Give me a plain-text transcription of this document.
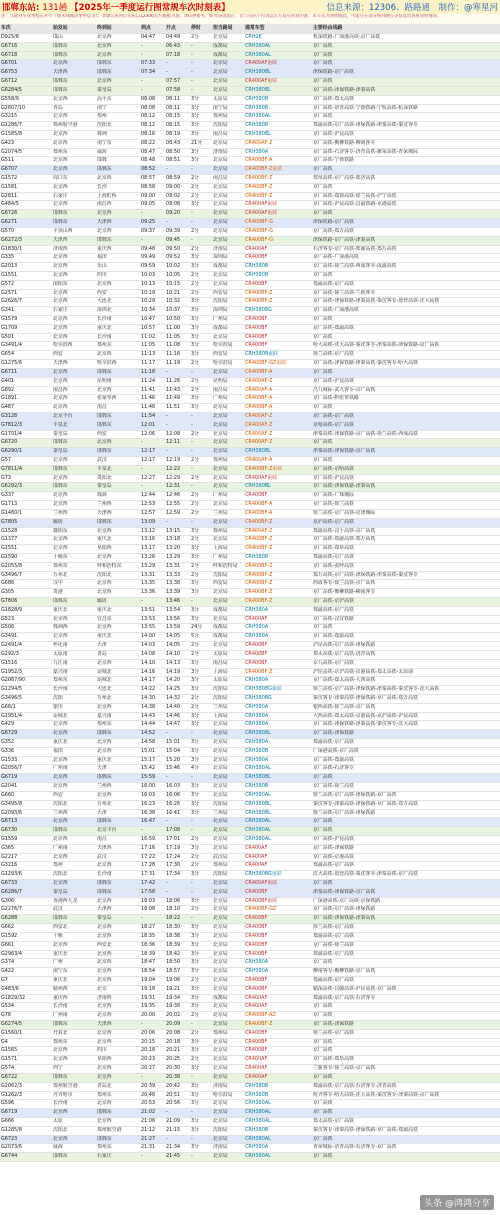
邯郸东站: 131趟 【2025年一季度运行图常规车次时刻表】	信息来源：12306、路路通　制作：@寒星河
注：立即分车次单程日开行（周末线或淡季停运等）；②建议查询后实际以12306官方数据为准；③仅供参考，如有误请指正，若与实际不符请以官方发布时刻为准；本车次为途经线次，可能存在部分终到晚点等信息请查看说明情况。
车次	始发站	终到站	到点	开点	停时	担当路局	通常车型	主要经由线路
D925/8	邯山	北京西	04:47	04:49	2分	北京局	CRH2E	机深铁路-广深港高铁-京广高铁
G6716	邯郸东	北京西	-	06:43	-	成都局	CRH380AL	京广高铁
G6718	邯郸东	北京西	-	07:18	-	成都局	CRH380AL	京广高铁
G6701	北京西	邯郸东	07:33	-	-	北京局	CR400AF重联	京广高铁
G6753	天津西	邯郸东	07:34	-	-	北京局	CRH380BL	津保铁路-京广高铁
G6712	邯郸东	北京西	-	07:57	-	北京局	CR400AF重联	京广高铁
G6284/5	邯郸东	秦皇岛	-	07:58	-	北京局	CRH380BL	京广高铁-津保铁路-津秦高铁
G558/9	北京西	高平东	08:08	08:11	3分	太原局	CRH380B	京广高铁-郑太高铁
G2807/10	青岛	南宁	08:08	08:11	3分	南宁局	CRH380B	京广高铁-济青高铁-宁蓉铁路-宁杭高铁-杭深铁路
G3215	北京西	郑州	08:12	08:15	3分	郑州局	CRH380AL	京广高铁
G1286/7	郑州航空港	沈阳北	08:12	08:15	3分	沈阳局	CRH380B	郑渝高铁-京广高铁-津保铁路-津秦高铁-秦沈客专
G1585/8	北京西	株洲	08:16	08:19	3分	南昌局	CRH380BL	京广高铁-沪昆高铁
G423	北京西	南宁东	08:22	08:43	21分	北京局	CR400AF-Z	京广高铁-衡柳铁路-柳南客专
G2074/5	郑州东	威海	08:47	08:50	3分	济南局	CRH380A	京广高铁-石济客专-济青高铁-潍荣高铁-青荣城际
G511	北京西	邯郸	08:48	08:51	3分	北京局	CR400BF-A	京广高铁-宁蓉铁路
G6707	北京西	邯郸东	08:52	-	-	北京局	CR400BF-Z重联	京广高铁
G1572	周口东	北京西	08:57	08:59	2分	南昌局	CR400BF-Z	郑阜高铁-京广高铁-郑济高铁
G1581	北京西	长沙	08:58	09:00	2分	北京局	CR400BF-Z	京广高铁
G2811	石家庄	上海虹桥	09:00	09:02	2分	北京局	CR400BF-Z	京广高铁-郑徐高铁-徐兰高铁-沪宁高铁
G484/5	北京西	南昌西	09:05	09:08	3分	北京局	CR400AF重联	京广高铁-沪昆高铁-昌福铁路-京港高铁
G6726	邯郸东	北京西	-	09:20	-	北京局	CR400AF重联	京广高铁
G6271	邯郸东	天津西	09:25	-	-	北京局	CR400BF-G	津保铁路-京广高铁
G570	平顶山西	北京西	09:37	09:39	2分	北京局	CR400BF-G	京广高铁-郑万高铁
G6272/3	天津西	邯郸东	-	09:45	-	北京局	CR400BF-G	津保铁路-京广高铁-津秦高铁
G1830/1	济南西	重庆西	09:48	09:50	2分	济南局	CR400AF	石济客专-京广高铁-郑渝高铁-郑万高铁
G335	北京西	福田	09:49	09:52	3分	深圳局	CR400BF	京广高铁-广深港高铁
G2013	北京西	乐山	09:59	10:02	3分	成都局	CRH380B	京广高铁-徐兰高铁-西成客专-成渝高铁
G1551	北京西	四川	10:03	10:05	2分	北京局	CRH380B	京广高铁
G572	南阳东	北京西	10:13	10:15	2分	北京局	CR400BF	郑渝高铁-京广高铁
G2571	北京西	西安	10:19	10:21	2分	西安局	CR400BF-Z	京广高铁-徐兰高铁-兰新客专
G2626/7	北京西	大连北	10:29	10:32	3分	沈阳局	CR400BF-Z	京广高铁-津保铁路-津秦高铁-秦沈客专-盘营高铁-沈大高铁
G341	石家庄	深圳北	10:34	10:37	3分	深圳局	CRH380BG	京广高铁-广深港高铁
G1579	北京西	长沙南	10:47	10:50	3分	广州局	CR400BF	京广高铁
G1709	北京西	重庆北	10:57	11:00	3分	成都局	CR400BF	京广高铁-郑渝高铁
G501	北京西	长沙南	11:02	11:05	3分	北京局	CR400BF	京广高铁
G3491/4	哈尔滨西	郑州东	11:05	11:08	3分	哈尔滨局	CR400BF	哈大高铁-沈大高铁-秦沈客专-津秦高铁-津保铁路-京广高铁
G654	西安	北京西	11:13	11:16	3分	西安局	CRH380B重联	徐兰高铁-京广高铁
G1275/6	天津西	哈尔滨西	11:17	11:19	2分	哈尔滨局	CR400BF-GZ重联	京广高铁-津保铁路-津秦高铁-秦沈客专-哈大高铁
G6711	北京西	邯郸东	11:18	-	-	北京局	CR400BF-A	京广高铁
G401	北京西	昆明南	11:24	11:26	2分	昆明局	CR400AF-Z	京广高铁-沪昆高铁
G892	南昌西	北京西	11:41	11:43	2分	南昌局	CR400AF-A	昌九城际-武九客专-京广高铁
G1891	北京西	张家界西	11:46	11:49	3分	广州局	CR400BF-A	京广高铁-黔张常铁路
G487	北京西	南昌	11:48	11:51	3分	北京局	CR400BF-A	京广高铁
G3128	北京丰台	邯郸东	11:54	-	-	北京局	CR400AF-Z	京广高铁-京广高铁
G7812/3	平泉北	邯郸东	12:01	-	-	北京局	CR400AF-Z	京哈高铁-京广高铁
G1701/4	秦皇岛	西安	12:06	12:08	2分	北京局	CR400AF-Z	津秦高铁-津保铁路-京广高铁-徐兰高铁-西成高铁
G6720	邯郸东	北京西	-	12:11	-	北京局	CR400AF-Z	京广高铁
G6290/1	秦皇岛	邯郸东	12:17	-	-	北京局	CRH380BL	津秦高铁-津保铁路-京广高铁
G57	北京西	武汉	12:17	12:19	2分	郑州局	CR400AF-A	京广高铁
G7811/4	邯郸东	平泉北	-	12:22	-	北京局	CR400BF-Z重联	京广高铁-京哈高铁
G73	北京西	贵阳北	12:27	12:29	2分	北京局	CR400AF重联	京广高铁-沪昆高铁
G6292/3	邯郸东	秦皇岛	-	12:31	-	北京局	CRH380BL	京广高铁-津保铁路-津秦高铁
G337	北京西	珠海	12:44	12:46	2分	广州局	CR400BF	京广高铁-广珠城际
G1713	北京西	兰州西	12:53	12:55	2分	北京局	CR400BF-A	京广高铁-徐兰高铁
G1480/1	兰州西	天津西	12:57	12:59	2分	兰州局	CR400BF-A	徐兰高铁-京广高铁-京津城际
G7805	廊坊	邯郸东	13:09	-	-	北京局	CR400BF-Z	京沪高铁-京广高铁
G1528	襄阳东	北京西	13:12	13:15	3分	郑州局	CR400AF-Z	郑渝高铁-汉十高铁-京广高铁
G1377	北京西	重庆北	13:16	13:18	2分	北京局	CR400BF-Z	京广高铁-郑渝高铁-郑万高铁
G1551	北京西	阜阳西	13:17	13:20	3分	上海局	CR400BF-Z	京广高铁-郑阜高铁
G1590	十堰东	北京西	13:26	13:29	3分	广州局	CRH380B	郑渝高铁-京广高铁
G2055/8	郑州东	呼和浩特东	13:29	13:31	2分	呼和浩特局	CR400BF-Z	京广高铁-张呼高铁
G3496/7	万州北	沈阳北	13:31	13:33	2分	沈阳局	CR400BF-Z	郑万高铁-京广高铁-津保铁路-津秦高铁-秦沈客专
G686	汉中	北京西	13:35	13:38	3分	西安局	CR400BF-Z	西成客专-徐兰高铁-京广高铁
G305	贵港	北京西	13:36	13:39	3分	北京局	CR400BF-Z	京广高铁-衡柳铁路-柳南客专
G7806	邯郸东	廊坊	-	13:46	-	北京局	CR400BF-Z	京广高铁-京沪高铁
G1828/9	重庆北	重庆北	13:51	13:54	3分	成都局	CRH380A	郑渝高铁-京广高铁
G523	北京西	宜昌东	13:53	13:56	3分	北京局	CR400AF	京广高铁-汉宜铁路
G506	株洲西	北京西	13:55	13:59	24分	成都局	CRH380A	京广高铁
G3491	北京西	重庆北	14:00	14:05	5分	成都局	CRH380A	京广高铁-郑渝高铁
G2491/4	怀化南	天津	14:03	14:05	2分	北京局	CR400BF	沪昆高铁-京广高铁-津保铁路
G292/3	太原南	青岛	14:08	14:10	2分	太原局	CR400BF	郑太高铁-京广高铁-济青高铁
G1516	九江南	北京西	14:10	14:13	3分	南昌局	CR400BF	京九高铁-京广高铁
G1952/3	嘉兴南	运城北	14:16	14:19	3分	上海局	CR400BF-Z	沪昆高铁-京沪高铁-京港高铁-郑太高铁-太原南
G2087/90	郑州东	运城北	14:17	14:20	3分	太原局	CRH380A	京广高铁-郑太高铁-大西高铁
G1294/5	长沙南	大连北	14:22	14:25	3分	沈阳局	CRH380BG重联	徐兰高铁-京广高铁-津保铁路-津秦高铁-秦沈客专-沈大高铁
G3496/5	沈阳	万州北	14:30	14:32	2分	沈阳局	CRH380BG	秦沈客专-津秦高铁-津保铁路-京广高铁-郑万高铁
G68/1	银川	北京西	14:38	14:40	2分	兰州局	CRH380A	银西高铁-徐兰高铁-京广高铁
G1951/4	运城北	嘉兴南	14:43	14:46	3分	上海局	CRH380A	大西高铁-郑太高铁-京港高铁-京沪高铁-沪昆高铁
G429	北京西	郑州东	14:44	14:47	3分	北京局	CRH380A	京广高铁-津保铁路-津秦高铁-秦沈客专-沈大高铁
G6729	北京西	邯郸东	14:52	-	-	北京局	CRH380BL	京广高铁-津保铁路
G352	重庆北	北京西	14:58	15:01	3分	北京局	CRH380A	郑渝高铁-京广高铁
G336	福田	北京西	15:01	15:04	3分	北京局	CRH380B	广深港高铁-京广高铁
G1533	北京西	重庆北	15:17	15:20	3分	北京局	CRH380A	京广高铁-郑渝高铁
G2056/7	广州南	天津	15:42	15:46	4分	北京局	CRH380AL	京广高铁-石济客专
G6719	北京西	邯郸东	15:59	-	-	北京局	CRH380BL	京广高铁
G2041	北京西	兰州西	16:00	16:03	3分	北京局	CRH380B	京广高铁-徐兰高铁
G660	西安	北京西	16:03	16:06	3分	北京局	CRH380AL	徐兰高铁-京广高铁-津保铁路-京广高铁
G3495/8	沈阳北	万州北	16:23	16:26	3分	沈阳局	CRH380BL	秦沈客专-津秦高铁-津保铁路-京广高铁-郑万高铁
G2093/6	兰州西	天津	16:38	16:41	3分	兰州局	CRH380BL	徐兰高铁-京广高铁-津保铁路
G6713	北京西	邯郸东	16:47	-	-	北京局	CRH380AL	京广高铁
G6730	邯郸东	北京丰台	-	17:08	-	北京局	CRH380AL	京广高铁
G1559	北京西	南昌	16:59	17:01	2分	北京局	CRH380AL	京广高铁-沪昆高铁
G365	广州南	天津西	17:16	17:19	3分	北京局	CR400AF	京广高铁-津保铁路
G2217	北京西	武汉	17:22	17:24	2分	武汉局	CR400AF	京广高铁-京港高铁
G3216	郑州	北京西	17:28	17:30	2分	郑州局	CR400AF	郑渝高铁-京广高铁
G1293/6	沈阳北	长沙南	17:31	17:34	3分	沈阳局	CRH380BG重联	沈大高铁-盘营高铁-秦沈客专-津秦高铁-京广高铁
G6733	北京西	邯郸东	17:42	-	-	北京局	CR400AF重联	京广高铁
G6286/7	秦皇岛	邯郸东	17:58	-	-	北京局	CR400BF	津秦高铁-津保铁路-京广高铁
G306	香港西九龙	北京西	18:03	18:06	3分	北京局	CR400BF重联	广深港高铁-京广高铁-京保铁路
G2276/7	武汉	天津西	18:08	18:10	2分	北京局	CR400BF-GZ	京广高铁-京广高铁-津保铁路
G6288	邯郸东	秦皇岛	-	18:22	-	北京局	CR400BF	京广高铁-津保铁路-津秦高铁
G662	西安北	北京西	18:27	18:30	3分	北京局	CR400BF	徐兰高铁-京广高铁
G1592	十堰	北京西	18:35	18:38	3分	北京局	CR400BF	郑渝高铁-京广高铁
G661	北京西	西安北	18:36	18:39	3分	北京局	CR400BF	京广高铁-徐兰高铁
G2963/4	重庆北	北京西	18:39	18:42	3分	北京局	CR400BF	郑渝高铁-京广高铁
G374	广州	北京西	18:47	18:50	3分	北京局	CRH380A	京广高铁
G422	南宁东	北京西	18:54	18:57	3分	北京局	CRH380A	柳南客专-衡柳铁路-京广高铁
G7	重庆北	北京西	19:04	19:06	2分	北京局	CR400BF	郑渝高铁-京广高铁
G483/6	赣州西	北京	19:18	19:21	3分	北京局	CR400BF	赣深高铁-昌赣高铁-沪昆高铁-京广高铁
G1829/32	重庆西	济南西	19:31	19:34	3分	成都局	CR400AF	郑渝高铁-京广高铁-石济客专
G534	长沙南	北京西	19:35	19:38	3分	北京局	CR400AF	京广高铁
G78	广州南	北京西	20:00	20:02	2分	北京局	CR400BF-AZ	京广高铁
G6274/5	邯郸东	天津西	-	20:09	-	北京局	CR400BF-Z	京广高铁-津保铁路
G1560/1	开封北	北京西	20:06	20:08	2分	郑州局	CR400BF	徐兰高铁-京广高铁
G4	郑州东	北京西	20:15	20:18	3分	北京局	CR400BF	京广高铁
G1565	北京西	四川	20:18	20:21	3分	北京局	CR400BF	京广高铁
G1571	北京西	阜阳西	20:23	20:25	2分	北京局	CR400AF	京广高铁-郑阜高铁
G574	西宁	北京西	20:27	20:30	3分	北京局	CR400AF	兰新客专-徐兰高铁-京广高铁
G6722	邯郸东	北京西	-	20:38	-	北京局	CR400AF	京广高铁
G2062/3	郑州航空港	青岛北	20:39	20:42	3分	济南局	CRH380B	郑渝高铁-京广高铁-石济客专-济青高铁
G1262/3	齐齐哈尔	郑州东	20:48	20:51	3分	哈尔滨局	CRH380B	哈齐客专-哈大高铁-沈大高铁-秦沈客专-津秦高铁-京广高铁
G596	长沙南	北京西	20:53	20:56	3分	北京局	CRH380AL	京广高铁
G6719	北京西	邯郸东	21:02	-	-	北京局	CRH380AL	京广高铁
G666	太原	北京西	21:06	21:09	3分	北京局	CRH380AL	郑太高铁-京广高铁
G1285/8	沈阳北	郑州航空港	21:12	21:15	3分	沈阳局	CRH380B	秦沈客专-津秦高铁-津保铁路-京广高铁-郑渝高铁
G6723	北京西	邯郸东	21:27	-	-	北京局	CRH380AL	京广高铁
G2073/6	威海	郑州东	21:31	21:34	3分	济南局	CRH380A	青荣城际-济青高铁-石济客专-京广高铁
G6744	邯郸东	石家庄	-	21:45	-	北京局	CRH380AL	京广高铁
头条 @鸿鸿分享
